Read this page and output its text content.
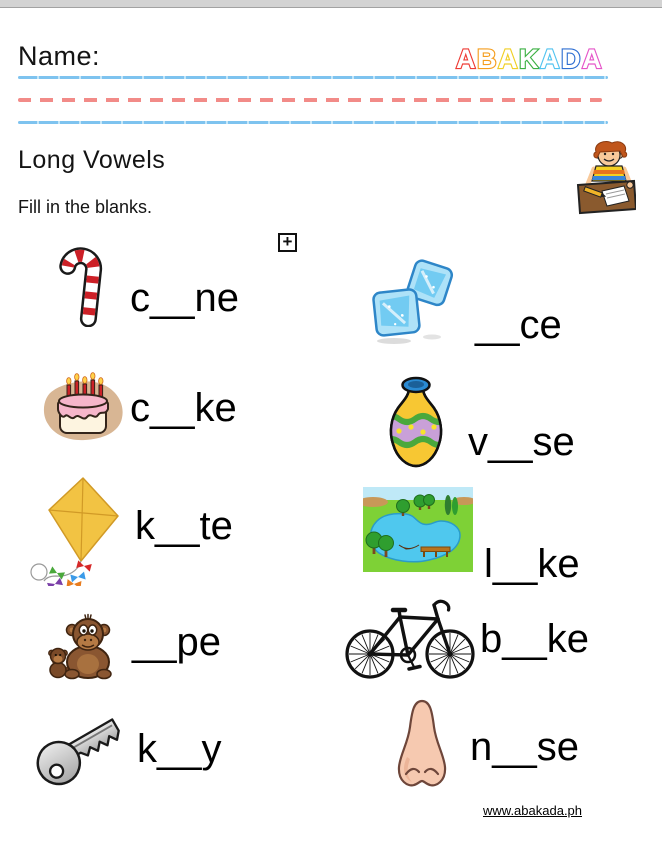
Name:	A B A K A D A
Long Vowels
Fill in the blanks.
+
c__ne
__ce
c__ke
v__se
k__te
l__ke
__pe	b__ke
k__y	n__se
www.abakada.ph
